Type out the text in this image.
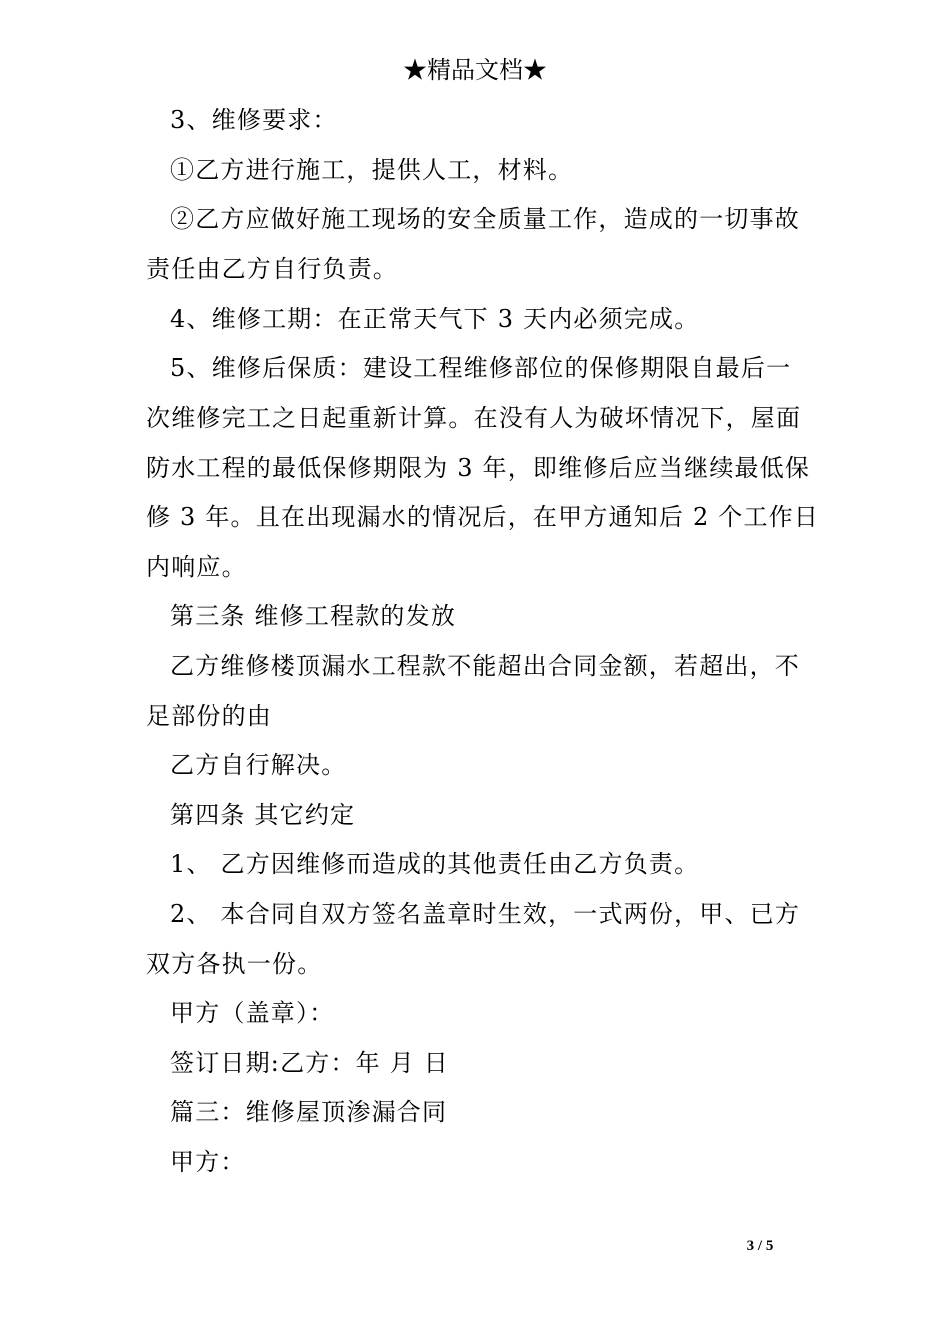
★精品文档★
3、维修要求：
①乙方进行施工，提供人工，材料。
②乙方应做好施工现场的安全质量工作，造成的一切事故
责任由乙方自行负责。
4、维修工期：在正常天气下 3 天内必须完成。
5、维修后保质：建设工程维修部位的保修期限自最后一
次维修完工之日起重新计算。在没有人为破坏情况下，屋面
防水工程的最低保修期限为 3 年，即维修后应当继续最低保
修 3 年。且在出现漏水的情况后，在甲方通知后 2 个工作日
内响应。
第三条 维修工程款的发放
乙方维修楼顶漏水工程款不能超出合同金额，若超出，不
足部份的由
乙方自行解决。
第四条 其它约定
1、 乙方因维修而造成的其他责任由乙方负责。
2、 本合同自双方签名盖章时生效，一式两份，甲、已方
双方各执一份。
甲方（盖章）：
签订日期:乙方：年 月 日
篇三：维修屋顶渗漏合同
甲方：
3 / 5
